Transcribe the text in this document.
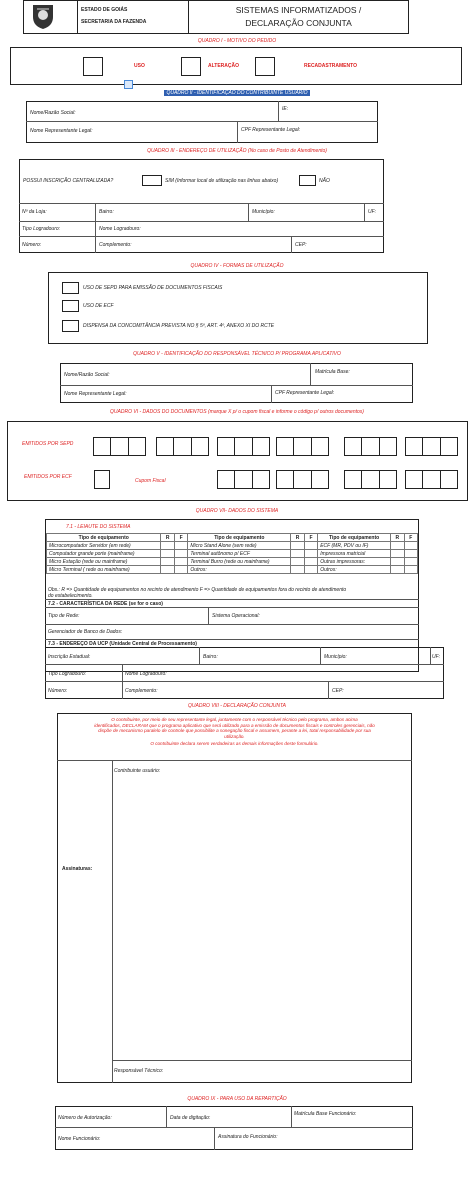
ESTADO DE GOIÁS
SECRETARIA DA FAZENDA
SISTEMAS INFORMATIZADOS /
DECLARAÇÃO CONJUNTA
QUADRO I - MOTIVO DO PEDIDO
USO	ALTERAÇÃO	RECADASTRAMENTO
QUADRO II - IDENTIFICAÇÃO DO CONTRIBUINTE USUÁRIO
Nome/Razão Social:
IE:
Nome Representante Legal:	CPF Representante Legal:
QUADRO III - ENDEREÇO DE UTILIZAÇÃO (No caso de Posto de Atendimento)
POSSUI INSCRIÇÃO CENTRALIZADA?	SIM (Informar local de utilização nas linhas abaixo)	NÃO
Nº da Loja:	Bairro:	Município:	UF:
Tipo Logradouro:	Nome Logradouro:
Número:	Complemento:	CEP:
QUADRO IV - FORMAS DE UTILIZAÇÃO
USO DE SEPD PARA EMISSÃO DE DOCUMENTOS FISCAIS
USO DE ECF
DISPENSA DA CONCOMITÂNCIA PREVISTA NO § 5º, ART. 4º, ANEXO XI DO RCTE
QUADRO V - IDENTIFICAÇÃO DO RESPONSÁVEL TÉCNICO P/ PROGRAMA APLICATIVO
Nome/Razão Social:	Matrícula Base:
Nome Representante Legal:	CPF Representante Legal:
QUADRO VI - DADOS DO DOCUMENTOS (marque X p/ o cupom fiscal e informe o código p/ outros documentos)
EMITIDOS POR SEPD
EMITIDOS POR ECF
Cupom Fiscal
QUADRO VII- DADOS DO SISTEMA
7.1 - LEIAUTE DO SISTEMA
Tipo de equipamento	R	F	Tipo de equipamento	R	F	Tipo de equipamento	R	F
Microcomputador Servidor (em rede)			Micro Stand Alone (sem rede)			ECF (MR, PDV ou IF)		
Computador grande porte (mainframe)			Terminal autônomo p/ ECF			Impressora matricial		
Micro Estação (rede ou mainframe)			Terminal Burro (rede ou mainframe)			Outras impressoras:		
Micro Terminal ( rede ou mainframe)			Outros:			Outros:		
Obs.: R => Quantidade de equipamentos no recinto de atendimento F => Quantidade de equipamentos fora do recinto de atendimento
do estabelecimento.
7.2 - CARACTERÍSTICA DA REDE (se for o caso)
Tipo de Rede:	Sistema Operacional:
Gerenciador de Banco de Dados:
7.3 - ENDEREÇO DA UCP (Unidade Central de Processamento)
Inscrição Estadual:	Bairro:	Município:	UF:
Tipo Logradouro:	Nome Logradouro:
Número:	Complemento:	CEP:
QUADRO VIII - DECLARAÇÃO CONJUNTA
O contribuinte, por meio de seu representante legal, juntamente com o responsável técnico pelo programa, ambos acima
identificados, DECLARAM que o programa aplicativo que será utilizado para a emissão de documentos fiscais e controles gerenciais, não
dispõe de mecanismo paralelo de controle que possibilite a sonegação fiscal e assumem, perante a lei, total responsabilidade por sua
utilização.
O contribuinte declara serem verdadeiras as demais informações deste formulário.
Assinaturas:
Contribuinte usuário:
Responsável Técnico:
QUADRO IX - PARA USO DA REPARTIÇÃO
Número de Autorização:	Data de digitação:
Matrícula Base Funcionário:
Nome Funcionário:	Assinatura do Funcionário:
